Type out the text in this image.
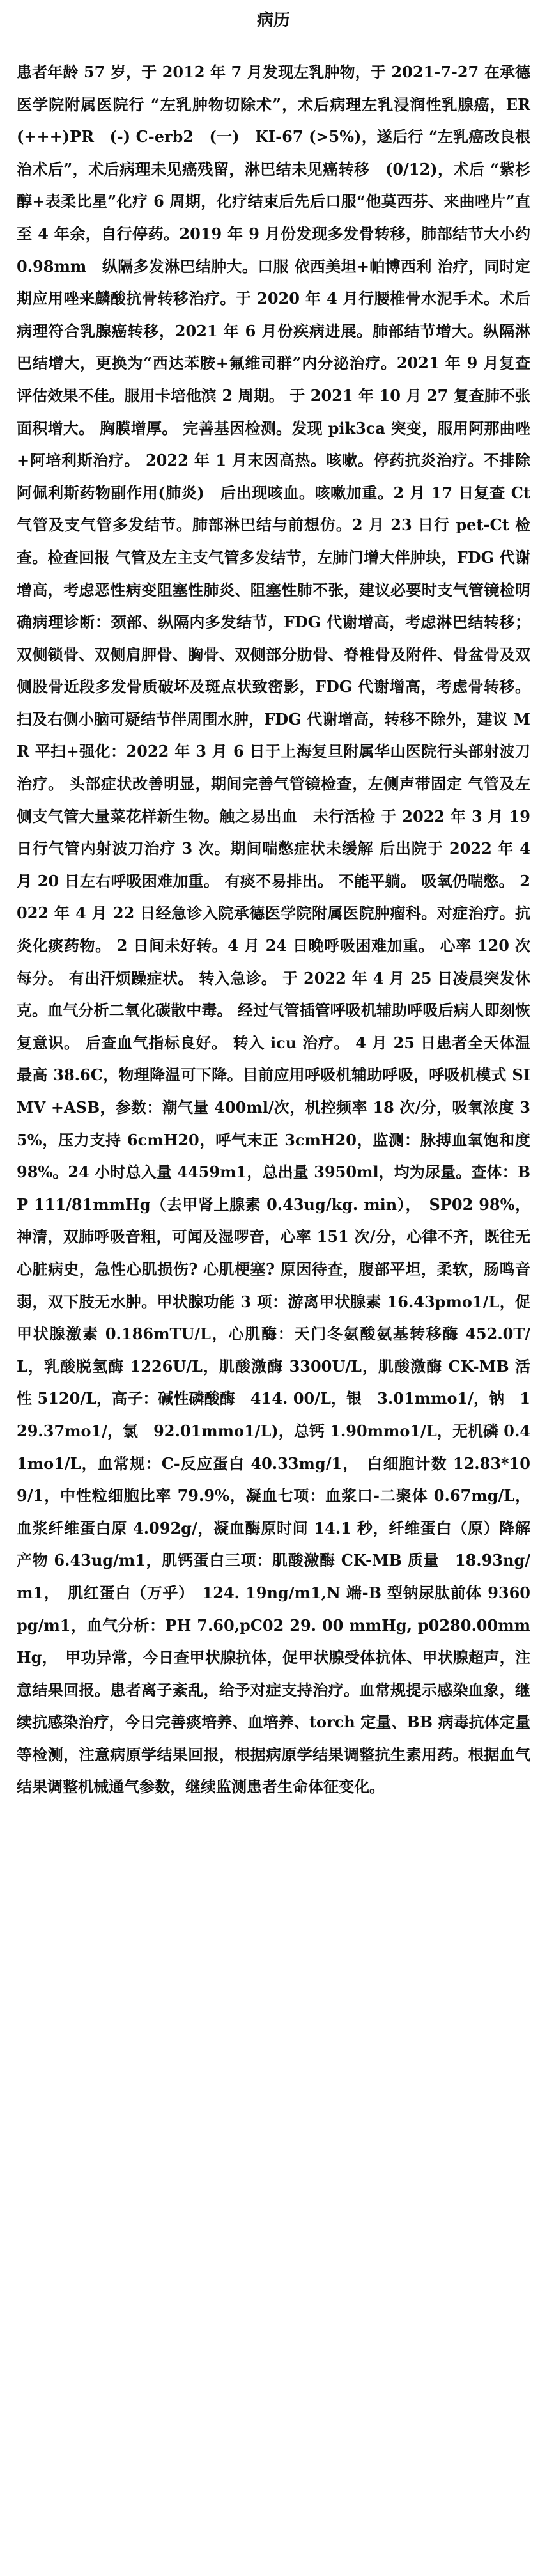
病历

患者年龄 57 岁，于 2012 年 7 月发现左乳肿物，于 2021-7-27 在承德医学院附属医院行 “左乳肿物切除术”，术后病理左乳浸润性乳腺癌，ER　(+++)PR　(-) C-erb2　(一)　KI-67 (>5%)，遂后行 “左乳癌改良根治术后”，术后病理未见癌残留，淋巴结未见癌转移　(0/12)，术后 “紫杉醇+表柔比星”化疗 6 周期，化疗结束后先后口服“他莫西芬、来曲唑片”直至 4 年余，自行停药。2019 年 9 月份发现多发骨转移，肺部结节大小约 0.98mm　纵隔多发淋巴结肿大。口服 依西美坦+帕博西利 治疗，同时定期应用唑来麟酸抗骨转移治疗。于 2020 年 4 月行腰椎骨水泥手术。术后病理符合乳腺癌转移，2021 年 6 月份疾病进展。肺部结节增大。纵隔淋巴结增大，更换为“西达苯胺+氟维司群”内分泌治疗。2021 年 9 月复查评估效果不佳。服用卡培他滨 2 周期。 于 2021 年 10 月 27 复查肺不张面积增大。 胸膜增厚。 完善基因检测。发现 pik3ca 突变，服用阿那曲唑+阿培利斯治疗。 2022 年 1 月末因高热。咳嗽。停药抗炎治疗。不排除阿佩利斯药物副作用(肺炎)　后出现咳血。咳嗽加重。2 月 17 日复查 Ct　气管及支气管多发结节。肺部淋巴结与前想仿。2 月 23 日行 pet-Ct 检查。检查回报 气管及左主支气管多发结节，左肺门增大伴肿块，FDG 代谢增高，考虑恶性病变阻塞性肺炎、阻塞性肺不张，建议必要时支气管镜检明确病理诊断：颈部、纵隔内多发结节，FDG 代谢增高，考虑淋巴结转移；双侧锁骨、双侧肩胛骨、胸骨、双侧部分肋骨、脊椎骨及附件、骨盆骨及双侧股骨近段多发骨质破坏及斑点状致密影，FDG 代谢增高，考虑骨转移。扫及右侧小脑可疑结节伴周围水肿，FDG 代谢增高，转移不除外，建议 MR 平扫+强化：2022 年 3 月 6 日于上海复旦附属华山医院行头部射波刀治疗。 头部症状改善明显，期间完善气管镜检查，左侧声带固定 气管及左侧支气管大量菜花样新生物。触之易出血　未行活检 于 2022 年 3 月 19 日行气管内射波刀治疗 3 次。期间喘憋症状未缓解 后出院于 2022 年 4 月 20 日左右呼吸困难加重。 有痰不易排出。 不能平躺。 吸氧仍喘憋。 2022 年 4 月 22 日经急诊入院承德医学院附属医院肿瘤科。对症治疗。抗炎化痰药物。 2 日间未好转。4 月 24 日晚呼吸困难加重。 心率 120 次每分。 有出汗烦躁症状。 转入急诊。 于 2022 年 4 月 25 日凌晨突发休克。血气分析二氧化碳散中毒。 经过气管插管呼吸机辅助呼吸后病人即刻恢复意识。 后查血气指标良好。 转入 icu 治疗。 4 月 25 日患者全天体温最高 38.6C，物理降温可下降。目前应用呼吸机辅助呼吸，呼吸机模式 SIMV +ASB，参数：潮气量 400ml/次，机控频率 18 次/分，吸氧浓度 35%，压力支持 6cmH20，呼气末正 3cmH20，监测：脉搏血氧饱和度 98%。24 小时总入量 4459m1，总出量 3950ml，均为尿量。查体：BP 111/81mmHg（去甲肾上腺素 0.43ug/kg. min），　SP02 98%，神清，双肺呼吸音粗，可闻及湿啰音，心率 151 次/分，心律不齐，既往无心脏病史，急性心肌损伤? 心肌梗塞? 原因待查，腹部平坦，柔软，肠鸣音弱，双下肢无水肿。甲状腺功能 3 项：游离甲状腺素 16.43pmo1/L，促甲状腺激素 0.186mTU/L，心肌酶：天门冬氨酸氨基转移酶 452.0T/L，乳酸脱氢酶 1226U/L，肌酸激酶 3300U/L，肌酸激酶 CK-MB 活 性 5120/L，高子：碱性磷酸酶　414. 00/L，银　3.01mmo1/，钠　129.37mo1/，氯　92.01mmo1/L)，总钙 1.90mmo1/L，无机磷 0.41mo1/L，血常规：C-反应蛋白 40.33mg/1，　白细胞计数 12.83*109/1，中性粒细胞比率 79.9%，凝血七项：血浆口-二聚体 0.67mg/L，血浆纤维蛋白原 4.092g/，凝血酶原时间 14.1 秒，纤维蛋白（原）降解产物 6.43ug/m1，肌钙蛋白三项：肌酸激酶 CK-MB 质量　18.93ng/m1，　肌红蛋白（万乎）　124. 19ng/m1,N 端-B 型钠尿肽前体 9360pg/m1，血气分析：PH 7.60,pC02 29. 00 mmHg, p0280.00mmHg，　甲功异常，今日查甲状腺抗体，促甲状腺受体抗体、甲状腺超声，注意结果回报。患者离子紊乱，给予对症支持治疗。血常规提示感染血象，继续抗感染治疗，今日完善痰培养、血培养、torch 定量、BB 病毒抗体定量等检测，注意病原学结果回报，根据病原学结果调整抗生素用药。根据血气结果调整机械通气参数，继续监测患者生命体征变化。
